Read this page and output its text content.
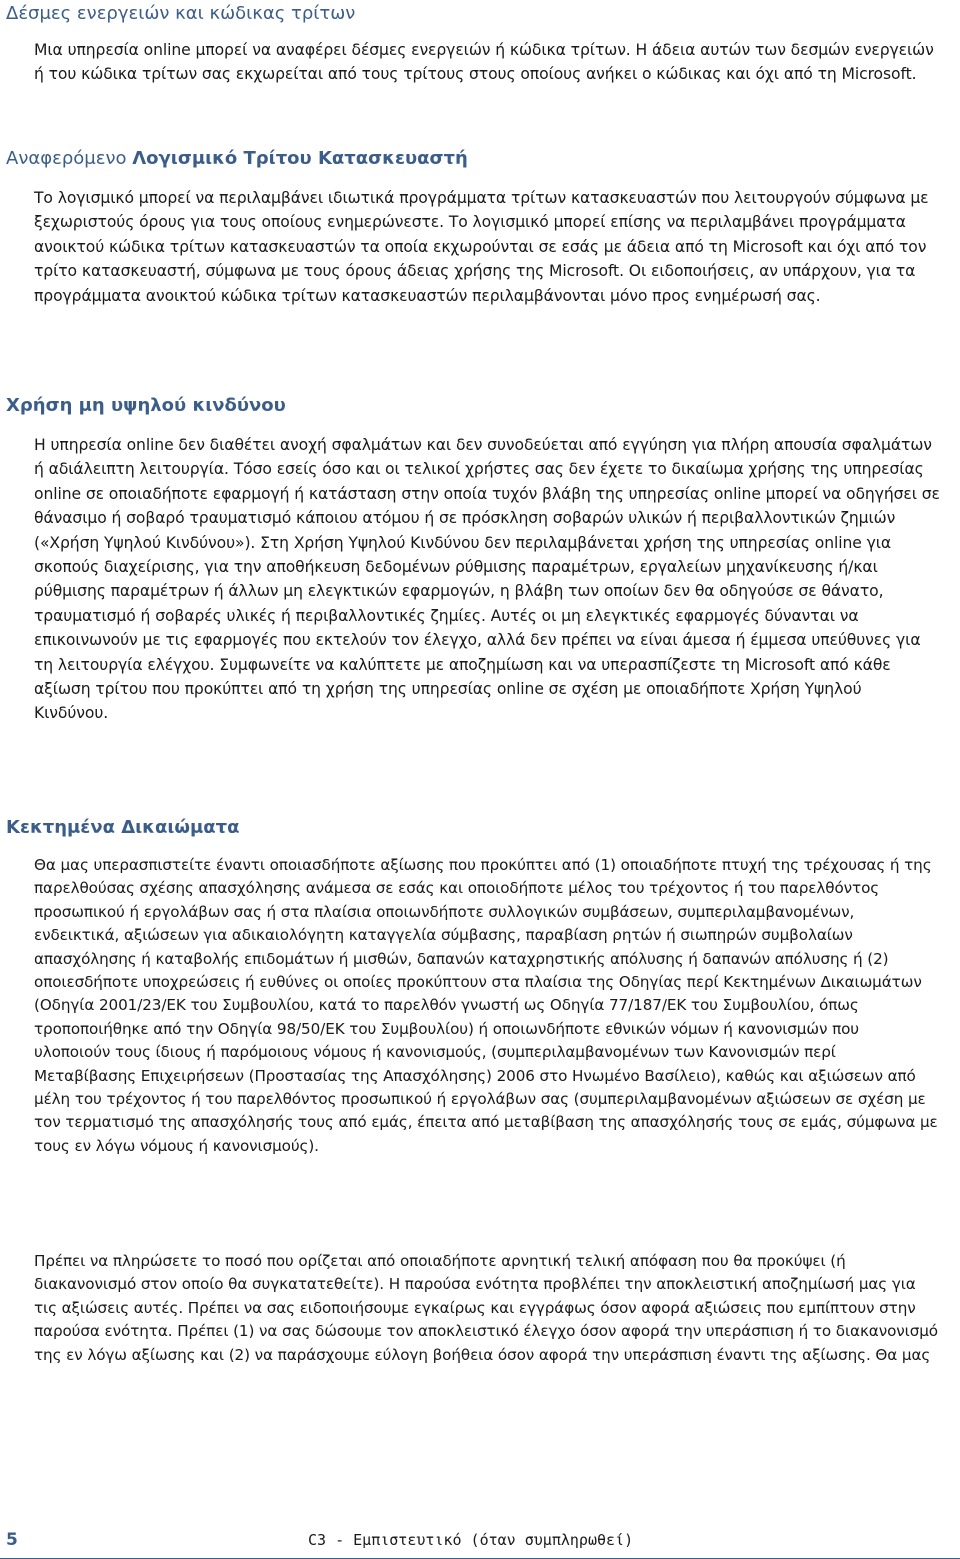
Δέσμες ενεργειών και κώδικας τρίτων

Μια υπηρεσία online μπορεί να αναφέρει δέσμες ενεργειών ή κώδικα τρίτων. Η άδεια αυτών των δεσμών ενεργειών ή του κώδικα τρίτων σας εκχωρείται από τους τρίτους στους οποίους ανήκει ο κώδικας και όχι από τη Microsoft.

Αναφερόμενο Λογισμικό Τρίτου Κατασκευαστή

Το λογισμικό μπορεί να περιλαμβάνει ιδιωτικά προγράμματα τρίτων κατασκευαστών που λειτουργούν σύμφωνα με ξεχωριστούς όρους για τους οποίους ενημερώνεστε. Το λογισμικό μπορεί επίσης να περιλαμβάνει προγράμματα ανοικτού κώδικα τρίτων κατασκευαστών τα οποία εκχωρούνται σε εσάς με άδεια από τη Microsoft και όχι από τον τρίτο κατασκευαστή, σύμφωνα με τους όρους άδειας χρήσης της Microsoft. Οι ειδοποιήσεις, αν υπάρχουν, για τα προγράμματα ανοικτού κώδικα τρίτων κατασκευαστών περιλαμβάνονται μόνο προς ενημέρωσή σας.

Χρήση μη υψηλού κινδύνου

Η υπηρεσία online δεν διαθέτει ανοχή σφαλμάτων και δεν συνοδεύεται από εγγύηση για πλήρη απουσία σφαλμάτων ή αδιάλειπτη λειτουργία. Τόσο εσείς όσο και οι τελικοί χρήστες σας δεν έχετε το δικαίωμα χρήσης της υπηρεσίας online σε οποιαδήποτε εφαρμογή ή κατάσταση στην οποία τυχόν βλάβη της υπηρεσίας online μπορεί να οδηγήσει σε θάνασιμο ή σοβαρό τραυματισμό κάποιου ατόμου ή σε πρόσκληση σοβαρών υλικών ή περιβαλλοντικών ζημιών («Χρήση Υψηλού Κινδύνου»). Στη Χρήση Υψηλού Κινδύνου δεν περιλαμβάνεται χρήση της υπηρεσίας online για σκοπούς διαχείρισης, για την αποθήκευση δεδομένων ρύθμισης παραμέτρων, εργαλείων μηχανίκευσης ή/και ρύθμισης παραμέτρων ή άλλων μη ελεγκτικών εφαρμογών, η βλάβη των οποίων δεν θα οδηγούσε σε θάνατο, τραυματισμό ή σοβαρές υλικές ή περιβαλλοντικές ζημίες. Αυτές οι μη ελεγκτικές εφαρμογές δύνανται να επικοινωνούν με τις εφαρμογές που εκτελούν τον έλεγχο, αλλά δεν πρέπει να είναι άμεσα ή έμμεσα υπεύθυνες για τη λειτουργία ελέγχου. Συμφωνείτε να καλύπτετε με αποζημίωση και να υπερασπίζεστε τη Microsoft από κάθε αξίωση τρίτου που προκύπτει από τη χρήση της υπηρεσίας online σε σχέση με οποιαδήποτε Χρήση Υψηλού Κινδύνου.

Κεκτημένα Δικαιώματα

Θα μας υπερασπιστείτε έναντι οποιασδήποτε αξίωσης που προκύπτει από (1) οποιαδήποτε πτυχή της τρέχουσας ή της παρελθούσας σχέσης απασχόλησης ανάμεσα σε εσάς και οποιοδήποτε μέλος του τρέχοντος ή του παρελθόντος προσωπικού ή εργολάβων σας ή στα πλαίσια οποιωνδήποτε συλλογικών συμβάσεων, συμπεριλαμβανομένων, ενδεικτικά, αξιώσεων για αδικαιολόγητη καταγγελία σύμβασης, παραβίαση ρητών ή σιωπηρών συμβολαίων απασχόλησης ή καταβολής επιδομάτων ή μισθών, δαπανών καταχρηστικής απόλυσης ή δαπανών απόλυσης ή (2) οποιεσδήποτε υποχρεώσεις ή ευθύνες οι οποίες προκύπτουν στα πλαίσια της Οδηγίας περί Κεκτημένων Δικαιωμάτων (Οδηγία 2001/23/ΕΚ του Συμβουλίου, κατά το παρελθόν γνωστή ως Οδηγία 77/187/ΕΚ του Συμβουλίου, όπως τροποποιήθηκε από την Οδηγία 98/50/ΕΚ του Συμβουλίου) ή οποιωνδήποτε εθνικών νόμων ή κανονισμών που υλοποιούν τους ίδιους ή παρόμοιους νόμους ή κανονισμούς, (συμπεριλαμβανομένων των Κανονισμών περί Μεταβίβασης Επιχειρήσεων (Προστασίας της Απασχόλησης) 2006 στο Ηνωμένο Βασίλειο), καθώς και αξιώσεων από μέλη του τρέχοντος ή του παρελθόντος προσωπικού ή εργολάβων σας (συμπεριλαμβανομένων αξιώσεων σε σχέση με τον τερματισμό της απασχόλησής τους από εμάς, έπειτα από μεταβίβαση της απασχόλησής τους σε εμάς, σύμφωνα με τους εν λόγω νόμους ή κανονισμούς).

Πρέπει να πληρώσετε το ποσό που ορίζεται από οποιαδήποτε αρνητική τελική απόφαση που θα προκύψει (ή διακανονισμό στον οποίο θα συγκατατεθείτε). Η παρούσα ενότητα προβλέπει την αποκλειστική αποζημίωσή μας για τις αξιώσεις αυτές. Πρέπει να σας ειδοποιήσουμε εγκαίρως και εγγράφως όσον αφορά αξιώσεις που εμπίπτουν στην παρούσα ενότητα. Πρέπει (1) να σας δώσουμε τον αποκλειστικό έλεγχο όσον αφορά την υπεράσπιση ή το διακανονισμό της εν λόγω αξίωσης και (2) να παράσχουμε εύλογη βοήθεια όσον αφορά την υπεράσπιση έναντι της αξίωσης. Θα μας

5	C3 - Εμπιστευτικό (όταν συμπληρωθεί)
